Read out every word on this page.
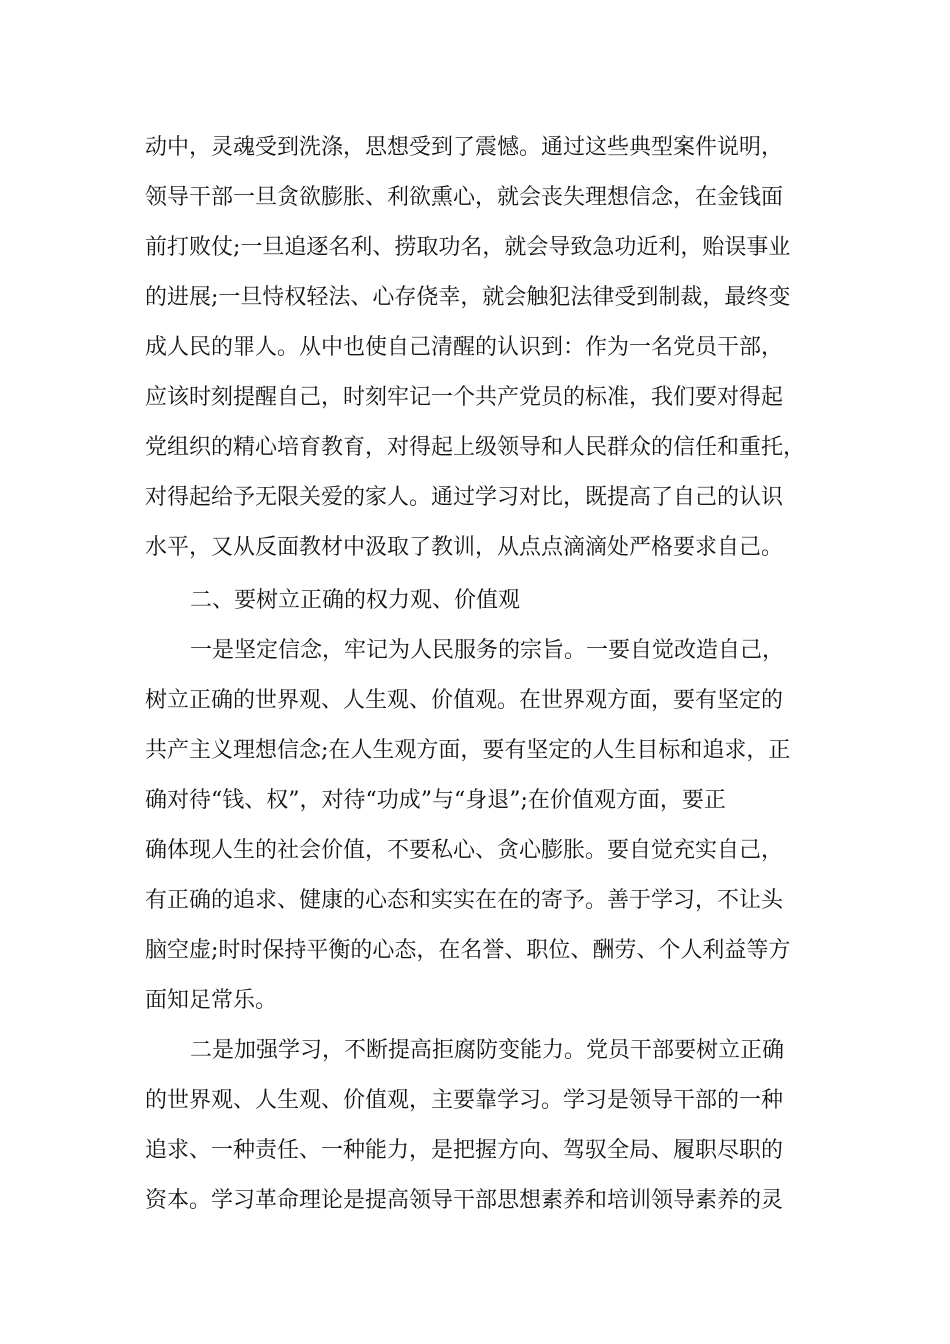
动中，灵魂受到洗涤，思想受到了震憾。通过这些典型案件说明，
领导干部一旦贪欲膨胀、利欲熏心，就会丧失理想信念，在金钱面
前打败仗;一旦追逐名利、捞取功名，就会导致急功近利，贻误事业
的进展;一旦恃权轻法、心存侥幸，就会触犯法律受到制裁，最终变
成人民的罪人。从中也使自己清醒的认识到：作为一名党员干部，
应该时刻提醒自己，时刻牢记一个共产党员的标准，我们要对得起
党组织的精心培育教育，对得起上级领导和人民群众的信任和重托，
对得起给予无限关爱的家人。通过学习对比，既提高了自己的认识
水平，又从反面教材中汲取了教训，从点点滴滴处严格要求自己。
二、要树立正确的权力观、价值观
一是坚定信念，牢记为人民服务的宗旨。一要自觉改造自己，
树立正确的世界观、人生观、价值观。在世界观方面，要有坚定的
共产主义理想信念;在人生观方面，要有坚定的人生目标和追求，正
确对待“钱、权”，对待“功成”与“身退”;在价值观方面，要正
确体现人生的社会价值，不要私心、贪心膨胀。要自觉充实自己，
有正确的追求、健康的心态和实实在在的寄予。善于学习，不让头
脑空虚;时时保持平衡的心态，在名誉、职位、酬劳、个人利益等方
面知足常乐。
二是加强学习，不断提高拒腐防变能力。党员干部要树立正确
的世界观、人生观、价值观，主要靠学习。学习是领导干部的一种
追求、一种责任、一种能力，是把握方向、驾驭全局、履职尽职的
资本。学习革命理论是提高领导干部思想素养和培训领导素养的灵
